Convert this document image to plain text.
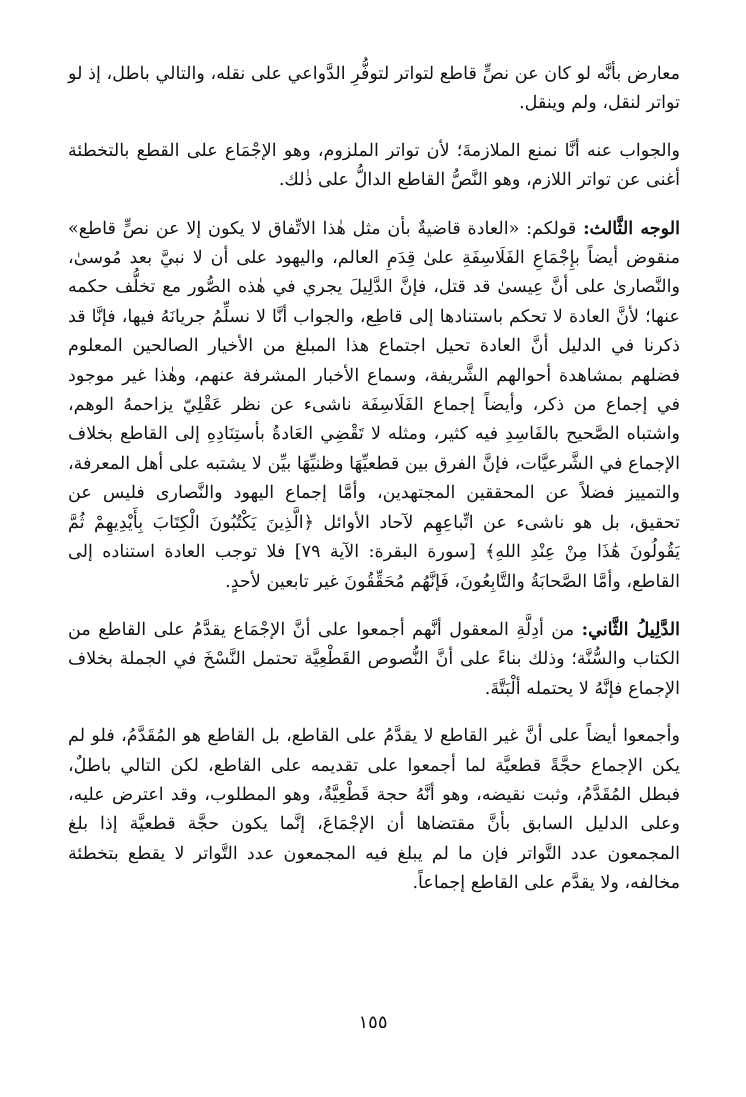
معارض بأنَّه لو كان عن نصٍّ قاطع لتواتر لتوفُّرِ الدَّواعي على نقله، والتالي باطل، إذ لو تواتر لنقل، ولم وينقل.

والجواب عنه أنَّا نمنع الملازمةَ؛ لأن تواتر الملزوم، وهو الإجْمَاع على القطع بالتخطئة أغنى عن تواتر اللازم، وهو النَّصُّ القاطع الدالُّ على ذٰلك.

الوجه الثَّالث: قولكم: «العادة قاضيةٌ بأن مثل هٰذا الاتِّفاق لا يكون إلا عن نصٍّ قاطع» منقوض أيضاً بإِجْمَاعِ الفَلَاسِفَةِ علىٰ قِدَمِ العالم، واليهود على أن لا نبيَّ بعد مُوسىٰ، والنَّصارىٰ على أنَّ عِيسىٰ قد قتل، فإنَّ الدَّلِيلَ يجري في هٰذه الصُّور مع تخلُّف حكمه عنها؛ لأنَّ العادة لا تحكم باستنادها إلى قاطِع، والجواب أنَّا لا نسلِّمُ جريانَهُ فيها، فإنَّا قد ذكرنا في الدليل أنَّ العادة تحيل اجتماع هذا المبلغ من الأخيار الصالحين المعلوم فضلهم بمشاهدة أحوالهم الشَّريفة، وسماع الأخبار المشرفة عنهم، وهٰذا غير موجود في إجماع من ذكر، وأيضاً إجماع الفَلَاسِفَة ناشىء عن نظر عَقْلِيّ يزاحمهُ الوهم، واشتباه الصَّحيح بالفَاسِدِ فيه كثير، ومثله لا تَقْضِي العَادةُ بأستِنَادِهِ إلى القاطع بخلاف الإجماع في الشَّرعيَّات، فإنَّ الفرق بين قطعيِّهَا وظنيِّهَا بيِّن لا يشتبه على أهل المعرفة، والتمييز فضلاً عن المحققين المجتهدين، وأمَّا إجماع اليهود والنَّصارى فليس عن تحقيق، بل هو ناشىء عن اتِّباعِهِم لآحاد الأوائل ﴿الَّذِينَ يَكْتُبُونَ الْكِتَابَ بِأَيْدِيهِمْ ثُمَّ يَقُولُونَ هَٰذَا مِنْ عِنْدِ اللهِ﴾ [سورة البقرة: الآية ٧٩] فلا توجب العادة استناده إلى القاطع، وأمَّا الصَّحابَةُ والتَّابِعُونَ، فَإنَّهُم مُحَقِّقُونَ غير تابعين لأحدٍ.

الدَّلِيلُ الثَّاني: من أدِلَّةِ المعقول أنَّهم أجمعوا على أنَّ الإجْمَاع يقدَّمُ على القاطع من الكتاب والسُّنَّة؛ وذلك بناءً على أنَّ النُّصوص القَطْعِيَّة تحتمل النَّسْخَ في الجملة بخلاف الإجماع فإنَّهُ لا يحتمله ألْبَتَّةَ.

وأجمعوا أيضاً على أنَّ غير القاطع لا يقدَّمُ على القاطع، بل القاطع هو المُقَدَّمُ، فلو لم يكن الإجماع حجَّةً قطعيَّة لما أجمعوا على تقديمه على القاطع، لكن التالي باطلٌ، فبطل المُقَدَّمُ، وثبت نقيضه، وهو أنَّهُ حجة قَطْعِيَّةٌ، وهو المطلوب، وقد اعترض عليه، وعلى الدليل السابق بأنَّ مقتضاها أن الإجْمَاعَ، إنَّما يكون حجَّة قطعيَّة إذا بلغ المجمعون عدد التَّواتر فإن ما لم يبلغ فيه المجمعون عدد التَّواتر لا يقطع بتخطئة مخالفه، ولا يقدَّم على القاطع إجماعاً.

١٥٥
